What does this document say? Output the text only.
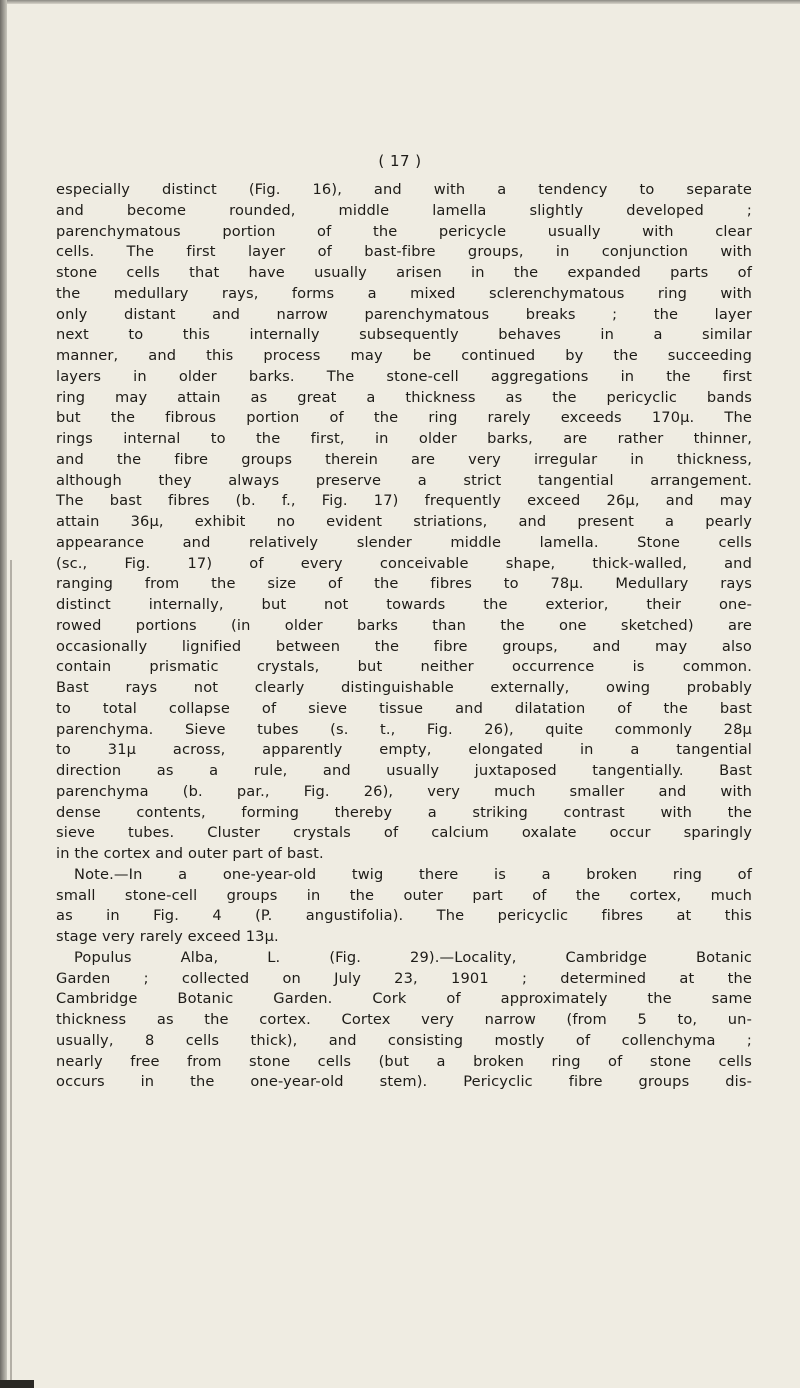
( 17 )
especially distinct (Fig. 16), and with a tendency to separate
and become rounded, middle lamella slightly developed ;
parenchymatous portion of the pericycle usually with clear
cells. The first layer of bast-fibre groups, in conjunction with
stone cells that have usually arisen in the expanded parts of
the medullary rays, forms a mixed sclerenchymatous ring with
only distant and narrow parenchymatous breaks ; the layer
next to this internally subsequently behaves in a similar
manner, and this process may be continued by the succeeding
layers in older barks. The stone-cell aggregations in the first
ring may attain as great a thickness as the pericyclic bands
but the fibrous portion of the ring rarely exceeds 170μ. The
rings internal to the first, in older barks, are rather thinner,
and the fibre groups therein are very irregular in thickness,
although they always preserve a strict tangential arrangement.
The bast fibres (b. f., Fig. 17) frequently exceed 26μ, and may
attain 36μ, exhibit no evident striations, and present a pearly
appearance and relatively slender middle lamella. Stone cells
(sc., Fig. 17) of every conceivable shape, thick-walled, and
ranging from the size of the fibres to 78μ. Medullary rays
distinct internally, but not towards the exterior, their one-
rowed portions (in older barks than the one sketched) are
occasionally lignified between the fibre groups, and may also
contain prismatic crystals, but neither occurrence is common.
Bast rays not clearly distinguishable externally, owing probably
to total collapse of sieve tissue and dilatation of the bast
parenchyma. Sieve tubes (s. t., Fig. 26), quite commonly 28μ
to 31μ across, apparently empty, elongated in a tangential
direction as a rule, and usually juxtaposed tangentially. Bast
parenchyma (b. par., Fig. 26), very much smaller and with
dense contents, forming thereby a striking contrast with the
sieve tubes. Cluster crystals of calcium oxalate occur sparingly
in the cortex and outer part of bast.
Note.—In a one-year-old twig there is a broken ring of
small stone-cell groups in the outer part of the cortex, much
as in Fig. 4 (P. angustifolia). The pericyclic fibres at this
stage very rarely exceed 13μ.
Populus Alba, L. (Fig. 29).—Locality, Cambridge Botanic
Garden ; collected on July 23, 1901 ; determined at the
Cambridge Botanic Garden. Cork of approximately the same
thickness as the cortex. Cortex very narrow (from 5 to, un-
usually, 8 cells thick), and consisting mostly of collenchyma ;
nearly free from stone cells (but a broken ring of stone cells
occurs in the one-year-old stem). Pericyclic fibre groups dis-
